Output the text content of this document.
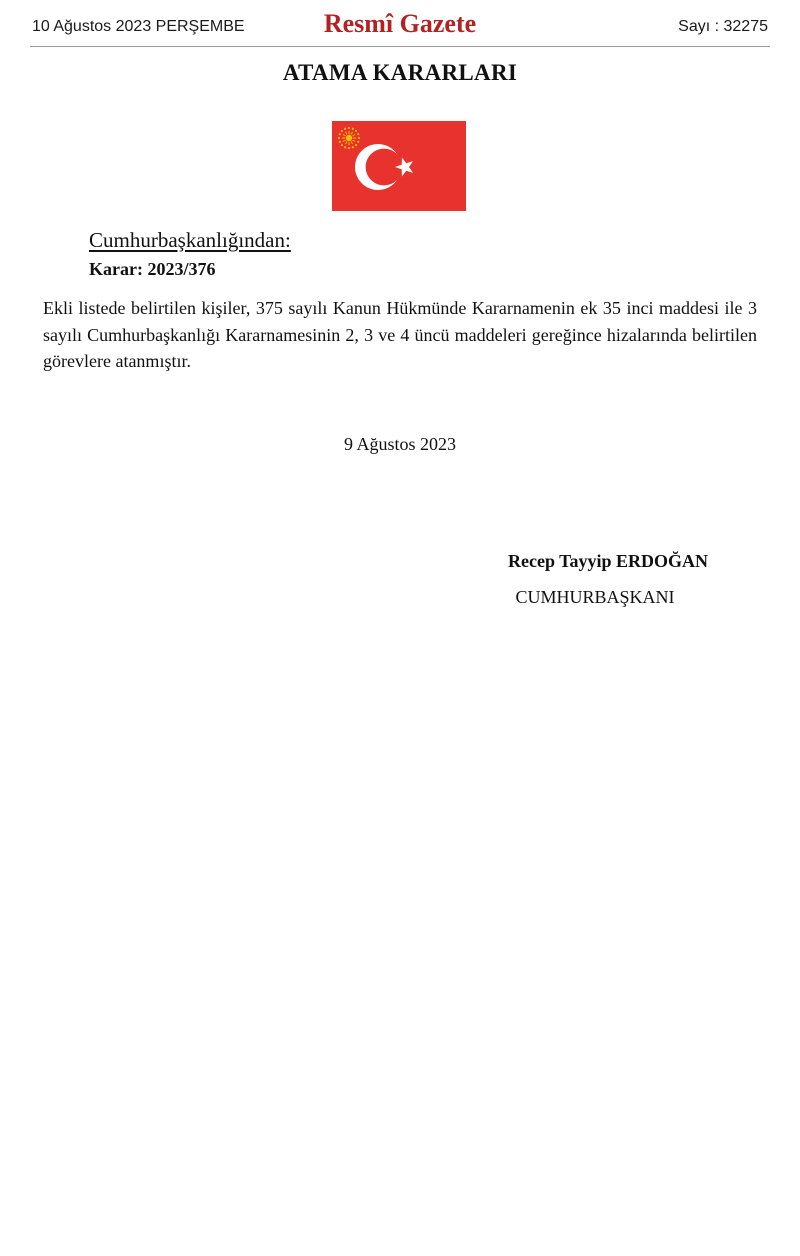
10 Ağustos 2023 PERŞEMBE	Resmî Gazete	Sayı : 32275
ATAMA KARARLARI
Cumhurbaşkanlığından:
Karar: 2023/376

Ekli listede belirtilen kişiler, 375 sayılı Kanun Hükmünde Kararnamenin ek 35 inci maddesi ile 3 sayılı Cumhurbaşkanlığı Kararnamesinin 2, 3 ve 4 üncü maddeleri gereğince hizalarında belirtilen görevlere atanmıştır.

9 Ağustos 2023
Recep Tayyip ERDOĞAN
CUMHURBAŞKANI
